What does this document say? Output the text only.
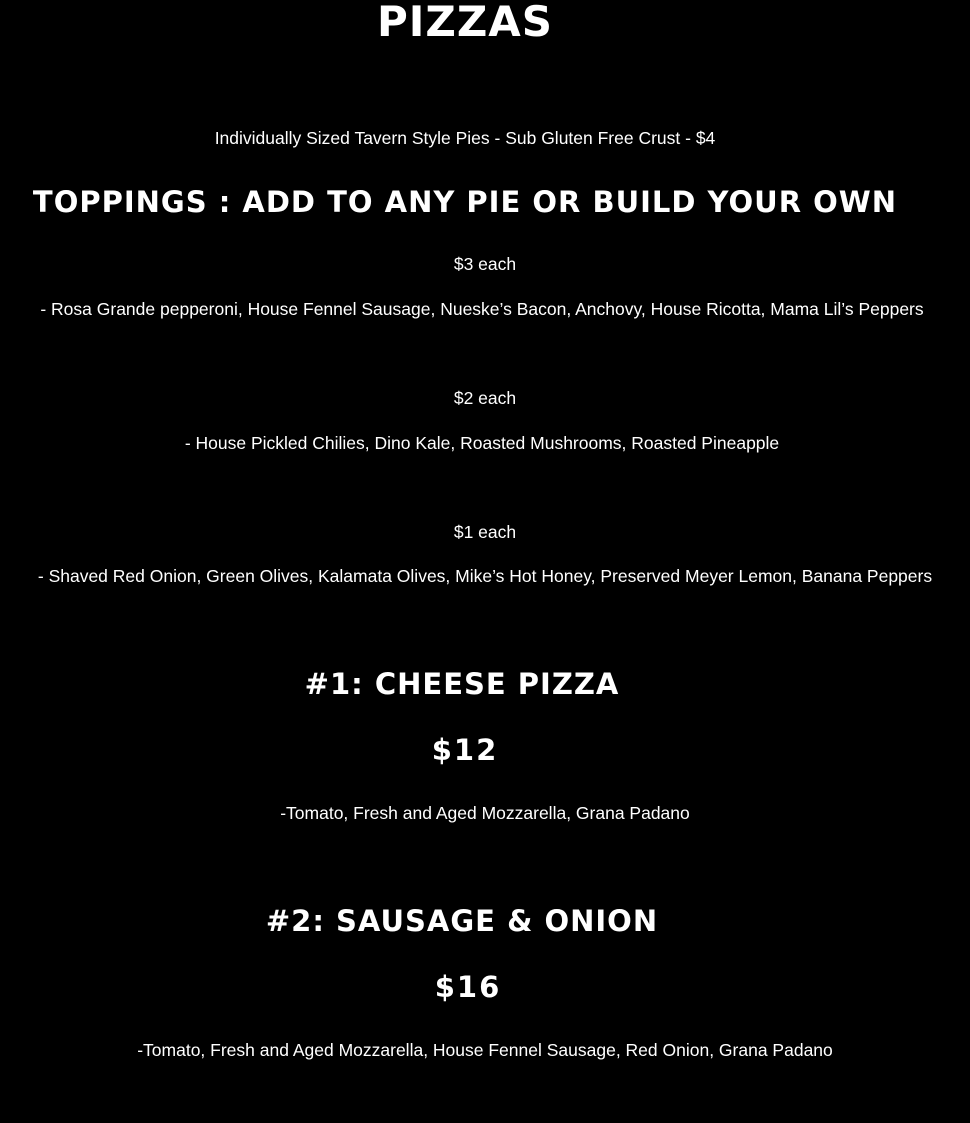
PIZZAS
Individually Sized Tavern Style Pies - Sub Gluten Free Crust - $4
TOPPINGS : ADD TO ANY PIE OR BUILD YOUR OWN
$3 each
- Rosa Grande pepperoni, House Fennel Sausage, Nueske’s Bacon, Anchovy, House Ricotta, Mama Lil’s Peppers
$2 each
- House Pickled Chilies, Dino Kale, Roasted Mushrooms, Roasted Pineapple
$1 each
- Shaved Red Onion, Green Olives, Kalamata Olives, Mike’s Hot Honey, Preserved Meyer Lemon, Banana Peppers
#1: CHEESE PIZZA
$12
-Tomato, Fresh and Aged Mozzarella, Grana Padano
#2: SAUSAGE & ONION
$16
-Tomato, Fresh and Aged Mozzarella, House Fennel Sausage, Red Onion, Grana Padano
